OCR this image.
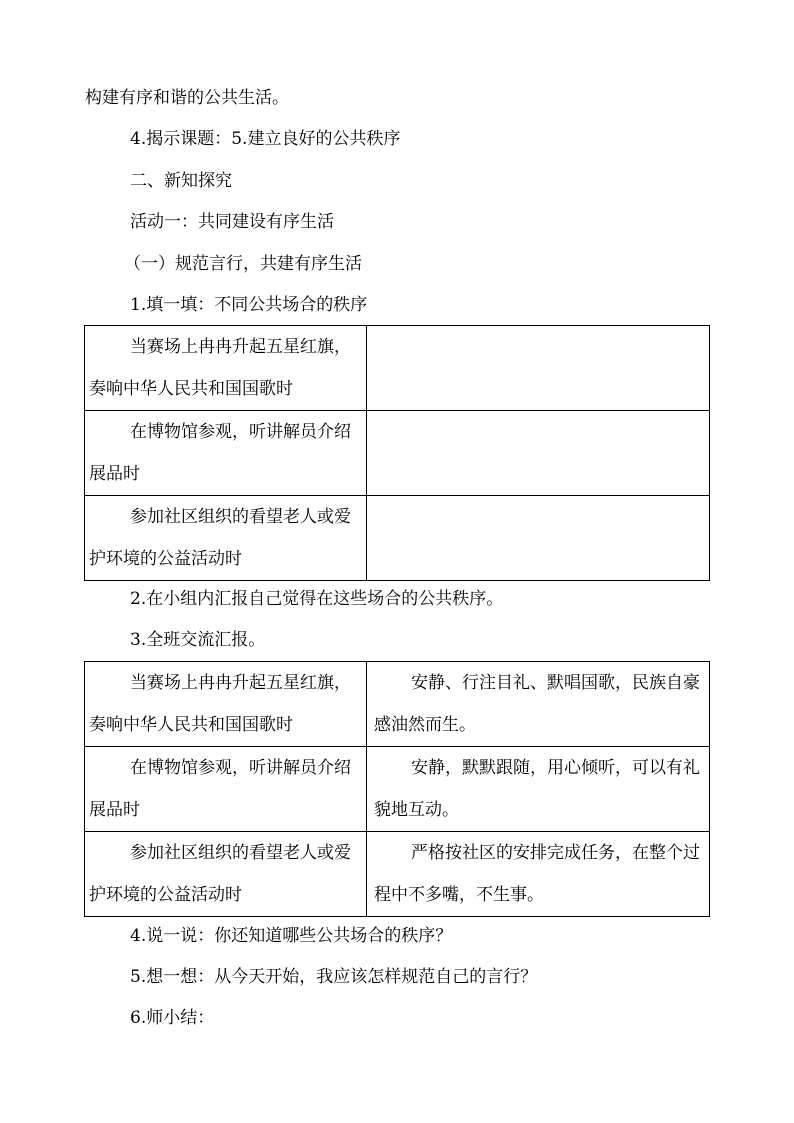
构建有序和谐的公共生活。
4.揭示课题：5.建立良好的公共秩序
二、新知探究
活动一：共同建设有序生活
（一）规范言行，共建有序生活
1.填一填：不同公共场合的秩序
当赛场上冉冉升起五星红旗，奏响中华人民共和国国歌时	

在博物馆参观，听讲解员介绍展品时	

参加社区组织的看望老人或爱护环境的公益活动时	

2.在小组内汇报自己觉得在这些场合的公共秩序。
3.全班交流汇报。
当赛场上冉冉升起五星红旗，奏响中华人民共和国国歌时	安静、行注目礼、默唱国歌，民族自豪感油然而生。

在博物馆参观，听讲解员介绍展品时	安静，默默跟随，用心倾听，可以有礼貌地互动。

参加社区组织的看望老人或爱护环境的公益活动时	严格按社区的安排完成任务，在整个过程中不多嘴，不生事。
4.说一说：你还知道哪些公共场合的秩序？
5.想一想：从今天开始，我应该怎样规范自己的言行？
6.师小结：
